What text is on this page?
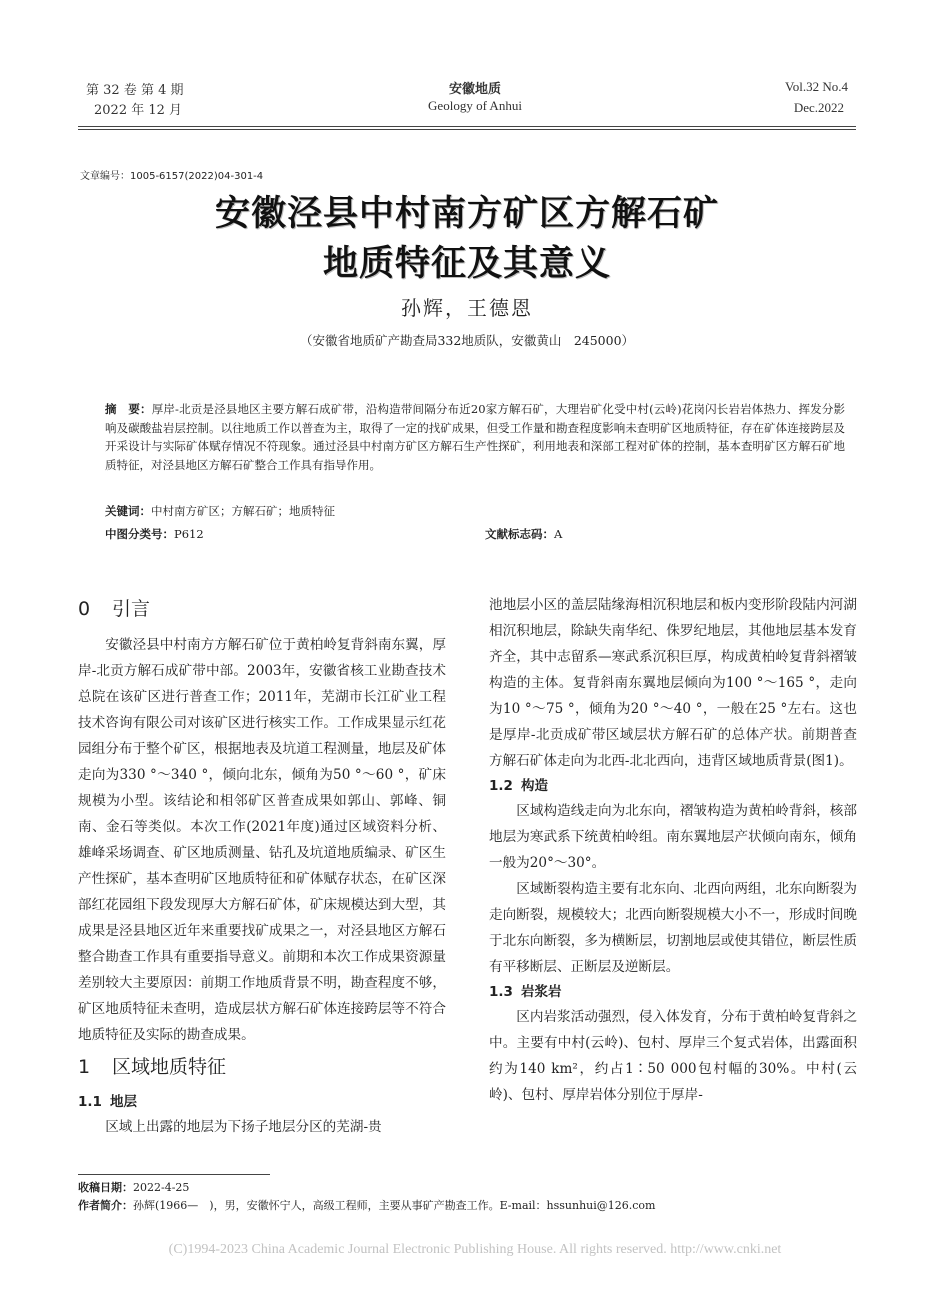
第 32 卷 第 4 期
2022 年 12 月
安徽地质
Geology of Anhui
Vol.32 No.4
Dec.2022
文章编号：1005-6157(2022)04-301-4
安徽泾县中村南方矿区方解石矿
地质特征及其意义
孙辉，王德恩
（安徽省地质矿产勘查局332地质队，安徽黄山　245000）
摘　要：厚岸-北贡是泾县地区主要方解石成矿带，沿构造带间隔分布近20家方解石矿，大理岩矿化受中村(云岭)花岗闪长岩岩体热力、挥发分影响及碳酸盐岩层控制。以往地质工作以普查为主，取得了一定的找矿成果，但受工作量和勘查程度影响未查明矿区地质特征，存在矿体连接跨层及开采设计与实际矿体赋存情况不符现象。通过泾县中村南方矿区方解石生产性探矿，利用地表和深部工程对矿体的控制，基本查明矿区方解石矿地质特征，对泾县地区方解石矿整合工作具有指导作用。
关键词：中村南方矿区；方解石矿；地质特征
中图分类号：P612	文献标志码：A
0 引言

安徽泾县中村南方方解石矿位于黄柏岭复背斜南东翼，厚岸-北贡方解石成矿带中部。2003年，安徽省核工业勘查技术总院在该矿区进行普查工作；2011年，芜湖市长江矿业工程技术咨询有限公司对该矿区进行核实工作。工作成果显示红花园组分布于整个矿区，根据地表及坑道工程测量，地层及矿体走向为330 °～340 °，倾向北东，倾角为50 °～60 °，矿床规模为小型。该结论和相邻矿区普查成果如郭山、郭峰、铜南、金石等类似。本次工作(2021年度)通过区域资料分析、雄峰采场调查、矿区地质测量、钻孔及坑道地质编录、矿区生产性探矿，基本查明矿区地质特征和矿体赋存状态，在矿区深部红花园组下段发现厚大方解石矿体，矿床规模达到大型，其成果是泾县地区近年来重要找矿成果之一，对泾县地区方解石整合勘查工作具有重要指导意义。前期和本次工作成果资源量差别较大主要原因：前期工作地质背景不明，勘查程度不够，矿区地质特征未查明，造成层状方解石矿体连接跨层等不符合地质特征及实际的勘查成果。

1 区域地质特征
1.1 地层

区域上出露的地层为下扬子地层分区的芜湖-贵

池地层小区的盖层陆缘海相沉积地层和板内变形阶段陆内河湖相沉积地层，除缺失南华纪、侏罗纪地层，其他地层基本发育齐全，其中志留系—寒武系沉积巨厚，构成黄柏岭复背斜褶皱构造的主体。复背斜南东翼地层倾向为100 °～165 °，走向为10 °～75 °，倾角为20 °～40 °，一般在25 °左右。这也是厚岸-北贡成矿带区域层状方解石矿的总体产状。前期普查方解石矿体走向为北西-北北西向，违背区域地质背景(图1)。

1.2 构造

区域构造线走向为北东向，褶皱构造为黄柏岭背斜，核部地层为寒武系下统黄柏岭组。南东翼地层产状倾向南东，倾角一般为20°～30°。

区域断裂构造主要有北东向、北西向两组，北东向断裂为走向断裂，规模较大；北西向断裂规模大小不一，形成时间晚于北东向断裂，多为横断层，切割地层或使其错位，断层性质有平移断层、正断层及逆断层。

1.3 岩浆岩

区内岩浆活动强烈，侵入体发育，分布于黄柏岭复背斜之中。主要有中村(云岭)、包村、厚岸三个复式岩体，出露面积约为140 km²，约占1∶50 000包村幅的30%。中村(云岭)、包村、厚岸岩体分别位于厚岸-

收稿日期：2022-4-25
作者简介：孙辉(1966—　)，男，安徽怀宁人，高级工程师，主要从事矿产勘查工作。E-mail：hssunhui@126.com
(C)1994-2023 China Academic Journal Electronic Publishing House. All rights reserved. http://www.cnki.net
